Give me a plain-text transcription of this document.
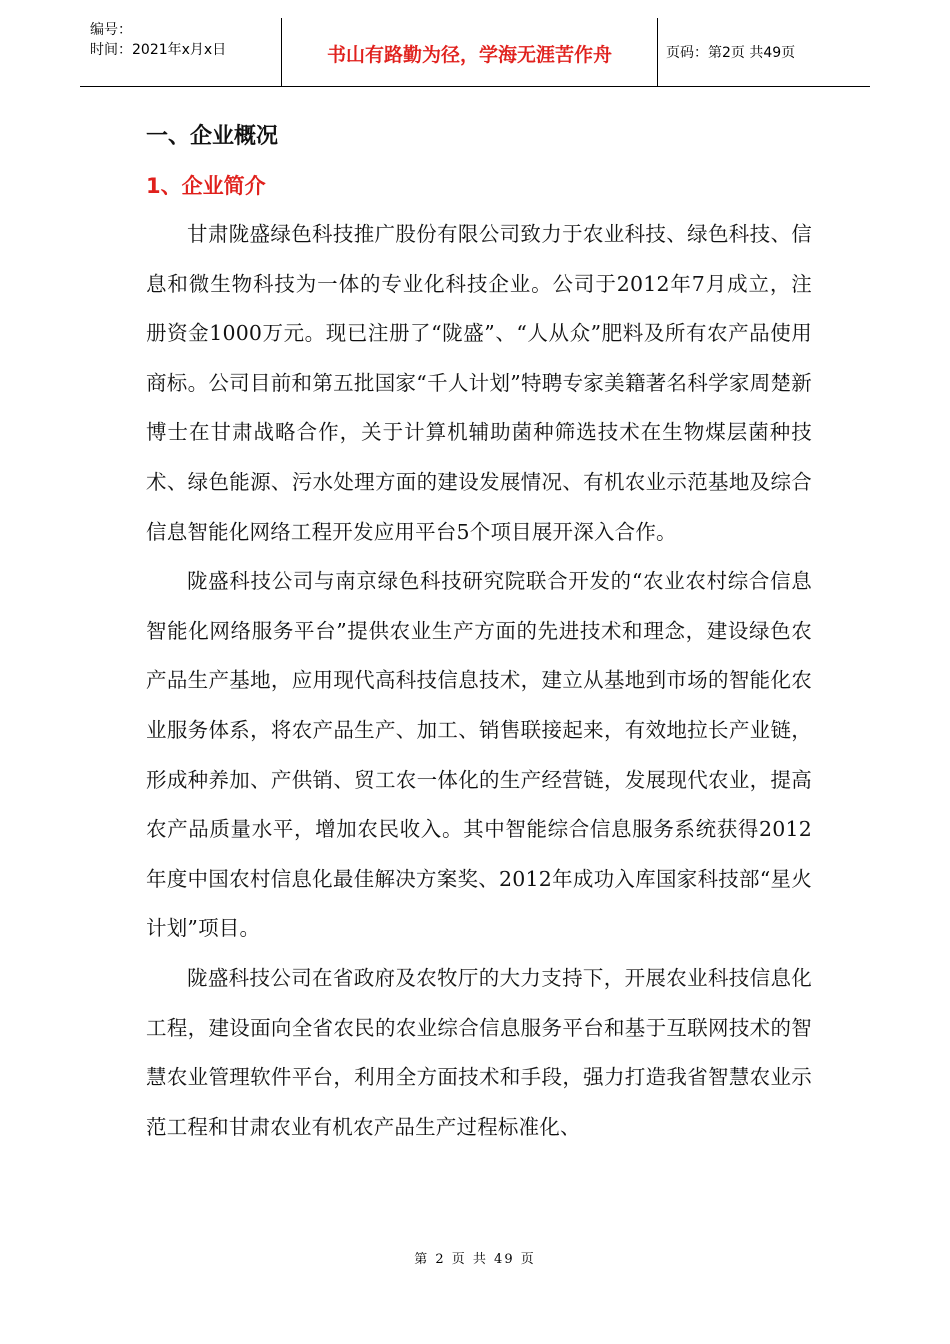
编号：
时间：2021年x月x日	书山有路勤为径，学海无涯苦作舟	页码：第2页 共49页
一、企业概况
1、企业简介

甘肃陇盛绿色科技推广股份有限公司致力于农业科技、绿色科技、信息和微生物科技为一体的专业化科技企业。公司于2012年7月成立，注册资金1000万元。现已注册了“陇盛”、“人从众”肥料及所有农产品使用商标。公司目前和第五批国家“千人计划”特聘专家美籍著名科学家周楚新博士在甘肃战略合作，关于计算机辅助菌种筛选技术在生物煤层菌种技术、绿色能源、污水处理方面的建设发展情况、有机农业示范基地及综合信息智能化网络工程开发应用平台5个项目展开深入合作。

陇盛科技公司与南京绿色科技研究院联合开发的“农业农村综合信息智能化网络服务平台”提供农业生产方面的先进技术和理念，建设绿色农产品生产基地，应用现代高科技信息技术，建立从基地到市场的智能化农业服务体系，将农产品生产、加工、销售联接起来，有效地拉长产业链，形成种养加、产供销、贸工农一体化的生产经营链，发展现代农业，提高农产品质量水平，增加农民收入。其中智能综合信息服务系统获得2012年度中国农村信息化最佳解决方案奖、2012年成功入库国家科技部“星火计划”项目。

陇盛科技公司在省政府及农牧厅的大力支持下，开展农业科技信息化工程，建设面向全省农民的农业综合信息服务平台和基于互联网技术的智慧农业管理软件平台，利用全方面技术和手段，强力打造我省智慧农业示范工程和甘肃农业有机农产品生产过程标准化、

第 2 页 共 49 页
